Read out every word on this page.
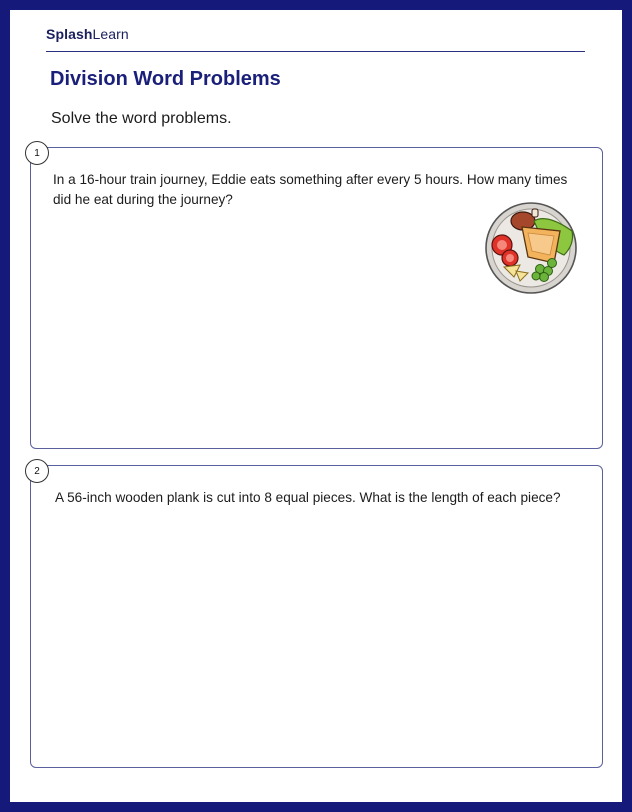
SplashLearn
Division Word Problems
Solve the word problems.
1
In a 16-hour train journey, Eddie eats something after every 5 hours. How many times did he eat during the journey?
2
A 56-inch wooden plank is cut into 8 equal pieces. What is the length of each piece?
